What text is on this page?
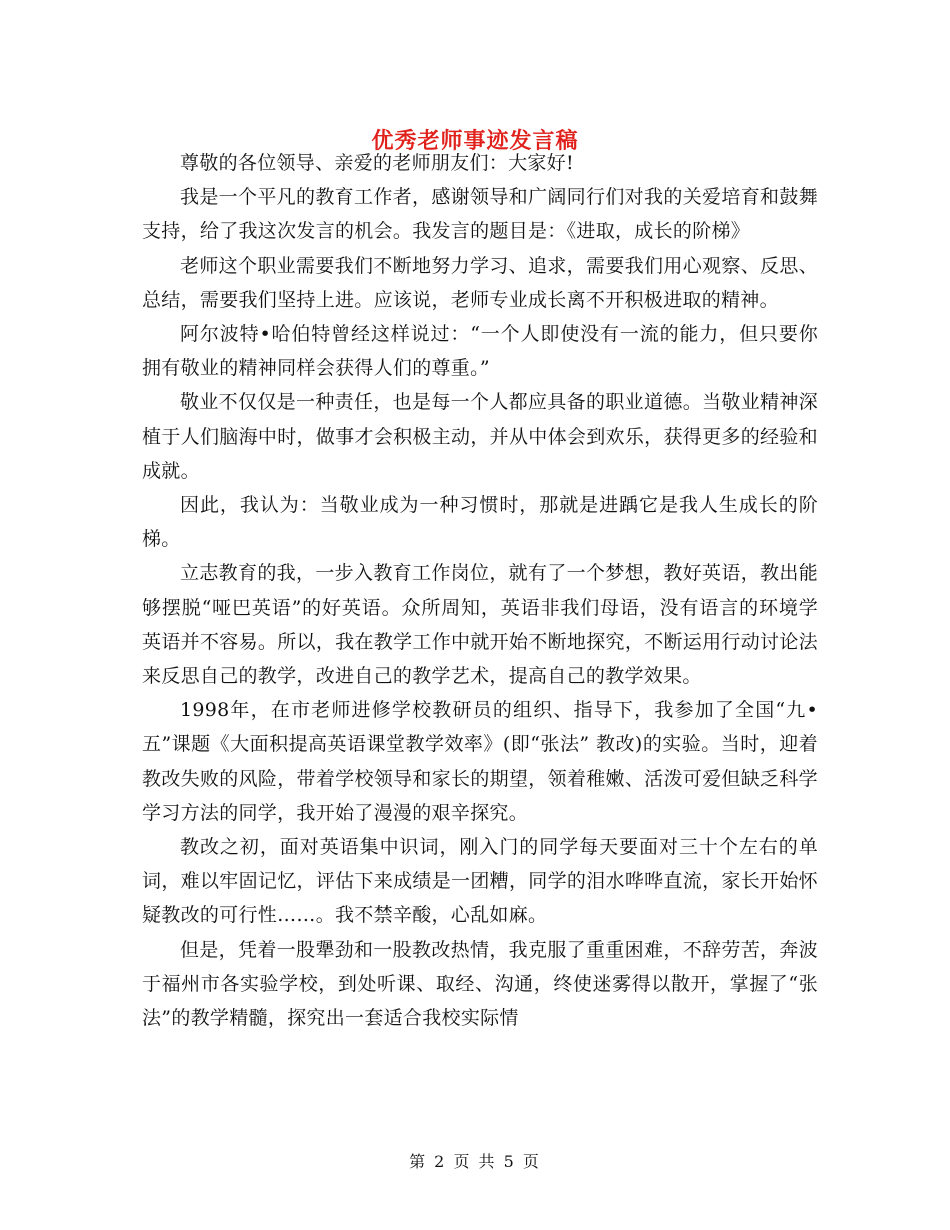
优秀老师事迹发言稿

尊敬的各位领导、亲爱的老师朋友们：大家好!

我是一个平凡的教育工作者，感谢领导和广阔同行们对我的关爱培育和鼓舞支持，给了我这次发言的机会。我发言的题目是：《进取，成长的阶梯》

老师这个职业需要我们不断地努力学习、追求，需要我们用心观察、反思、总结，需要我们坚持上进。应该说，老师专业成长离不开积极进取的精神。

阿尔波特•哈伯特曾经这样说过：“一个人即使没有一流的能力，但只要你拥有敬业的精神同样会获得人们的尊重。”

敬业不仅仅是一种责任，也是每一个人都应具备的职业道德。当敬业精神深植于人们脑海中时，做事才会积极主动，并从中体会到欢乐，获得更多的经验和成就。

因此，我认为：当敬业成为一种习惯时，那就是进踽它是我人生成长的阶梯。

立志教育的我，一步入教育工作岗位，就有了一个梦想，教好英语，教出能够摆脱“哑巴英语”的好英语。众所周知，英语非我们母语，没有语言的环境学英语并不容易。所以，我在教学工作中就开始不断地探究，不断运用行动讨论法来反思自己的教学，改进自己的教学艺术，提高自己的教学效果。

1998年，在市老师进修学校教研员的组织、指导下，我参加了全国“九•五”课题《大面积提高英语课堂教学效率》(即“张法” 教改)的实验。当时，迎着教改失败的风险，带着学校领导和家长的期望，领着稚嫩、活泼可爱但缺乏科学学习方法的同学，我开始了漫漫的艰辛探究。

教改之初，面对英语集中识词，刚入门的同学每天要面对三十个左右的单词，难以牢固记忆，评估下来成绩是一团糟，同学的泪水哗哗直流，家长开始怀疑教改的可行性……。我不禁辛酸，心乱如麻。

但是，凭着一股犟劲和一股教改热情，我克服了重重困难，不辞劳苦，奔波于福州市各实验学校，到处听课、取经、沟通，终使迷雾得以散开，掌握了“张法”的教学精髓，探究出一套适合我校实际情

第 2 页 共 5 页
